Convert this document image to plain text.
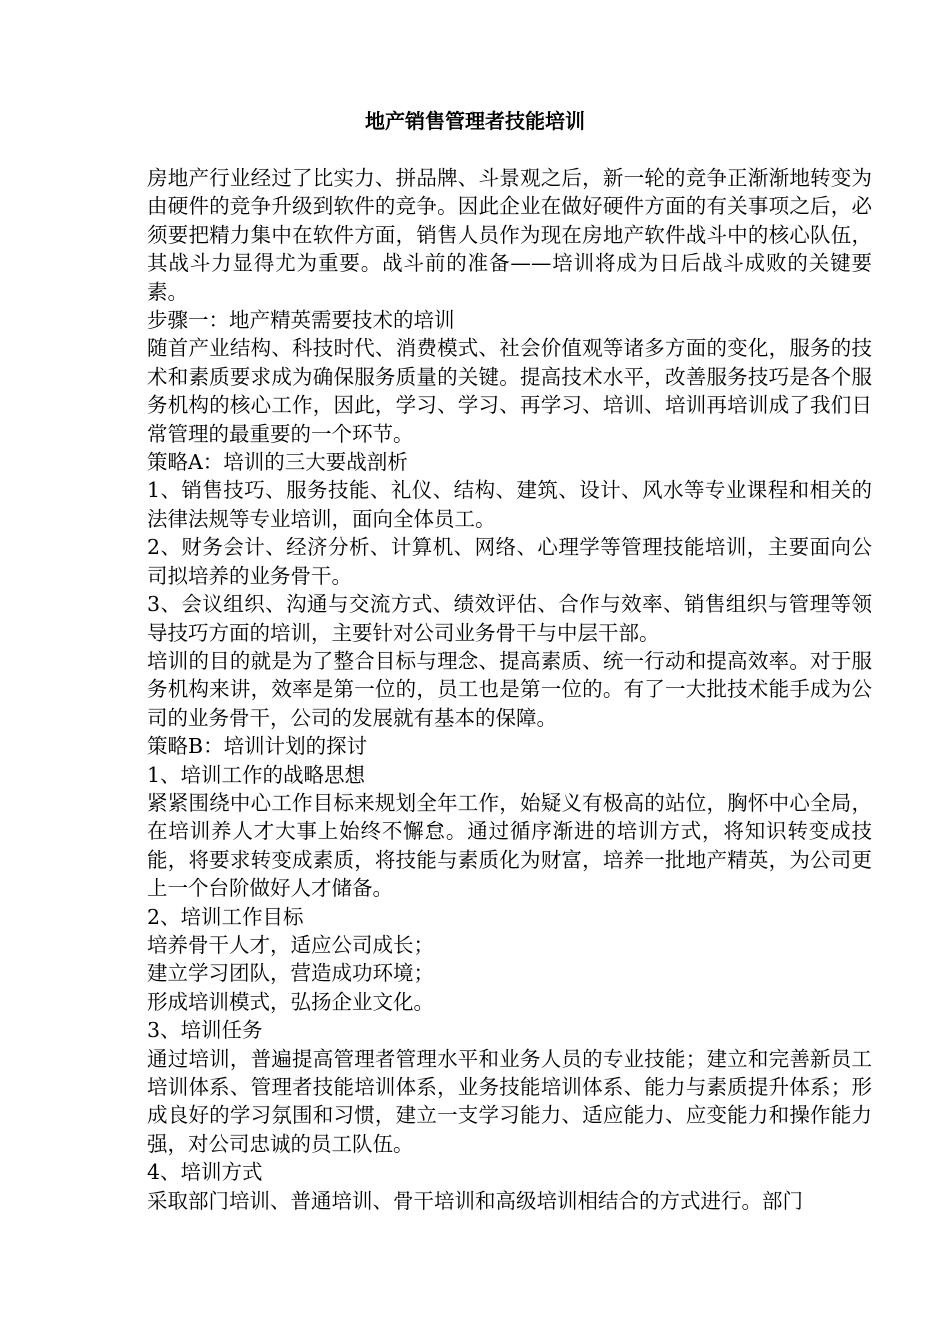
地产销售管理者技能培训

房地产行业经过了比实力、拼品牌、斗景观之后，新一轮的竞争正渐渐地转变为由硬件的竞争升级到软件的竞争。因此企业在做好硬件方面的有关事项之后，必须要把精力集中在软件方面，销售人员作为现在房地产软件战斗中的核心队伍，其战斗力显得尤为重要。战斗前的准备——培训将成为日后战斗成败的关键要素。

步骤一：地产精英需要技术的培训

随首产业结构、科技时代、消费模式、社会价值观等诸多方面的变化，服务的技术和素质要求成为确保服务质量的关键。提高技术水平，改善服务技巧是各个服务机构的核心工作，因此，学习、学习、再学习、培训、培训再培训成了我们日常管理的最重要的一个环节。

策略A：培训的三大要战剖析

1、销售技巧、服务技能、礼仪、结构、建筑、设计、风水等专业课程和相关的法律法规等专业培训，面向全体员工。

2、财务会计、经济分析、计算机、网络、心理学等管理技能培训，主要面向公司拟培养的业务骨干。

3、会议组织、沟通与交流方式、绩效评估、合作与效率、销售组织与管理等领导技巧方面的培训，主要针对公司业务骨干与中层干部。

培训的目的就是为了整合目标与理念、提高素质、统一行动和提高效率。对于服务机构来讲，效率是第一位的，员工也是第一位的。有了一大批技术能手成为公司的业务骨干，公司的发展就有基本的保障。

策略B：培训计划的探讨

1、培训工作的战略思想

紧紧围绕中心工作目标来规划全年工作，始疑义有极高的站位，胸怀中心全局，在培训养人才大事上始终不懈怠。通过循序渐进的培训方式，将知识转变成技能，将要求转变成素质，将技能与素质化为财富，培养一批地产精英，为公司更上一个台阶做好人才储备。

2、培训工作目标

培养骨干人才，适应公司成长；

建立学习团队，营造成功环境；

形成培训模式，弘扬企业文化。

3、培训任务

通过培训，普遍提高管理者管理水平和业务人员的专业技能；建立和完善新员工培训体系、管理者技能培训体系，业务技能培训体系、能力与素质提升体系；形成良好的学习氛围和习惯，建立一支学习能力、适应能力、应变能力和操作能力强，对公司忠诚的员工队伍。

4、培训方式

采取部门培训、普通培训、骨干培训和高级培训相结合的方式进行。部门
